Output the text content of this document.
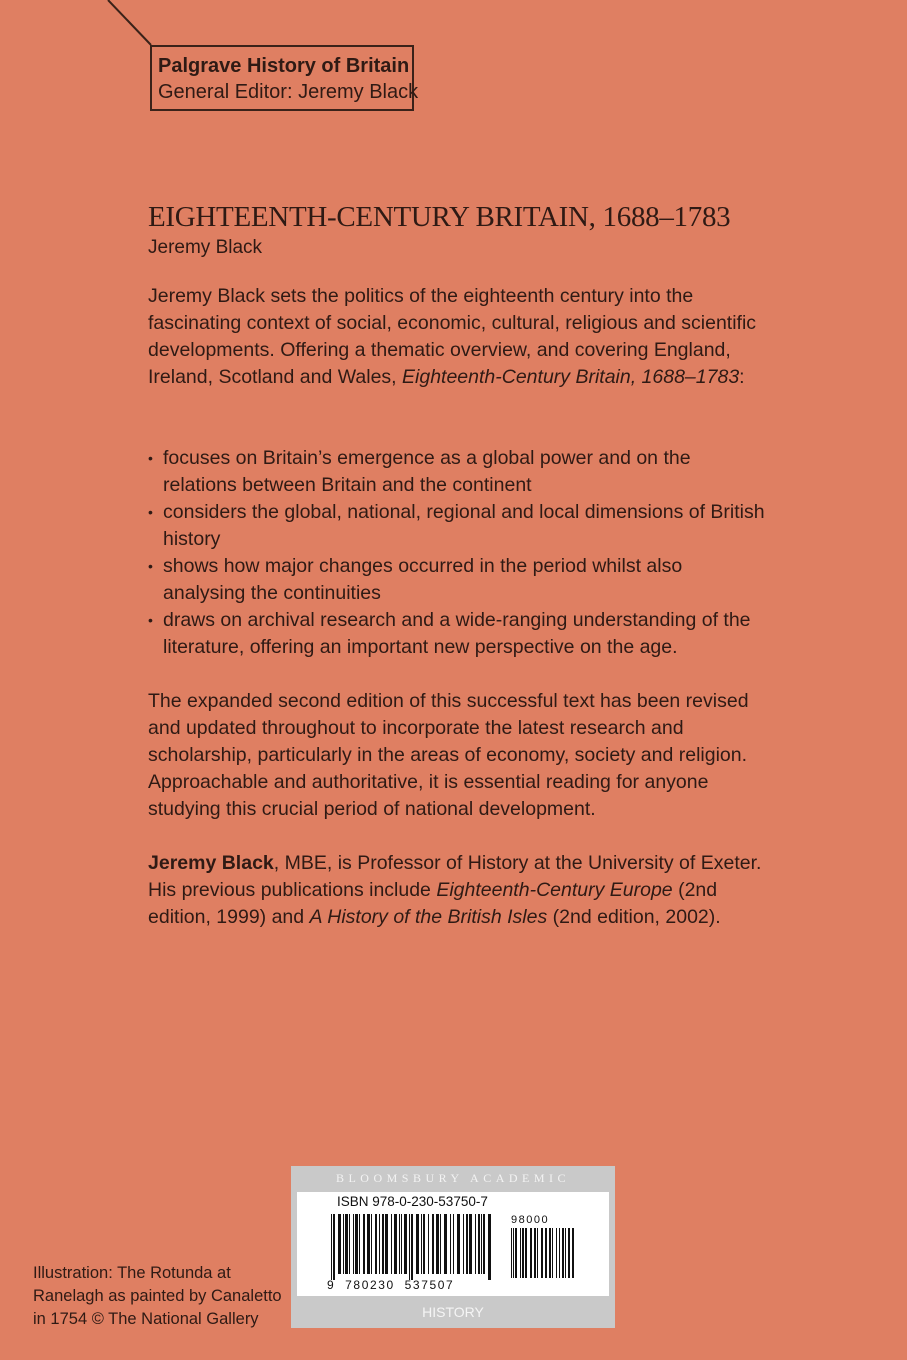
Palgrave History of Britain
General Editor: Jeremy Black
EIGHTEENTH-CENTURY BRITAIN, 1688–1783
Jeremy Black
Jeremy Black sets the politics of the eighteenth century into the fascinating context of social, economic, cultural, religious and scientific developments. Offering a thematic overview, and covering England, Ireland, Scotland and Wales, Eighteenth-Century Britain, 1688–1783:
• focuses on Britain’s emergence as a global power and on the relations between Britain and the continent
• considers the global, national, regional and local dimensions of British history
• shows how major changes occurred in the period whilst also analysing the continuities
• draws on archival research and a wide-ranging understanding of the literature, offering an important new perspective on the age.
The expanded second edition of this successful text has been revised and updated throughout to incorporate the latest research and scholarship, particularly in the areas of economy, society and religion. Approachable and authoritative, it is essential reading for anyone studying this crucial period of national development.
Jeremy Black, MBE, is Professor of History at the University of Exeter. His previous publications include Eighteenth-Century Europe (2nd edition, 1999) and A History of the British Isles (2nd edition, 2002).
Illustration: The Rotunda at Ranelagh as painted by Canaletto in 1754 © The National Gallery
BLOOMSBURY ACADEMIC
ISBN 978-0-230-53750-7
98000
9  780230  537507
HISTORY
